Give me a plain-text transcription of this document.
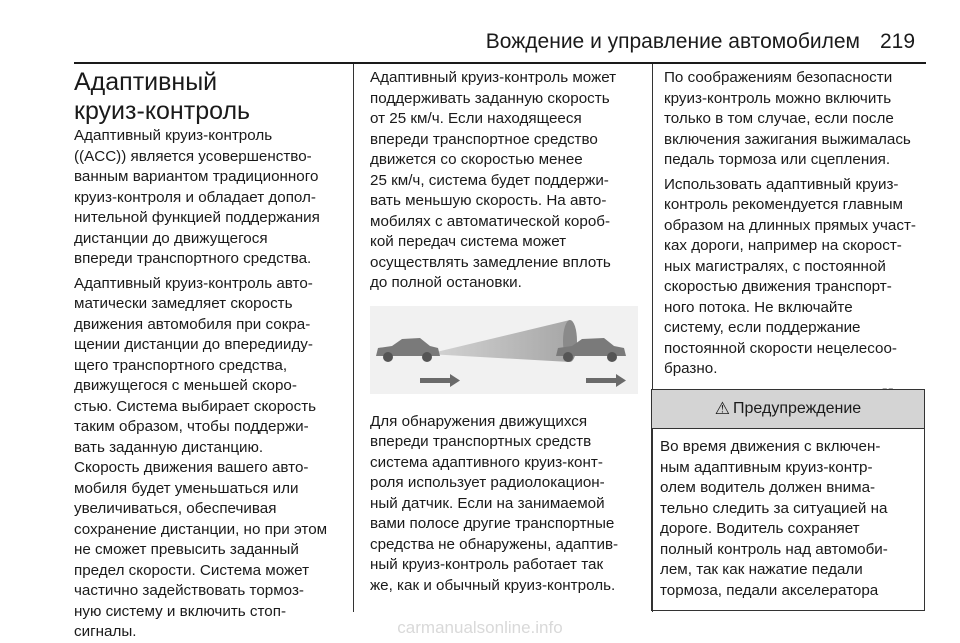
Вождение и управление автомобилем 219
Адаптивный
круиз-контроль

Адаптивный круиз-контроль
((ACC)) является усовершенство-
ванным вариантом традиционного
круиз-контроля и обладает допол-
нительной функцией поддержания
дистанции до движущегося
впереди транспортного средства.

Адаптивный круиз-контроль авто-
матически замедляет скорость
движения автомобиля при сокра-
щении дистанции до впередииду-
щего транспортного средства,
движущегося с меньшей скоро-
стью. Система выбирает скорость
таким образом, чтобы поддержи-
вать заданную дистанцию.
Скорость движения вашего авто-
мобиля будет уменьшаться или
увеличиваться, обеспечивая
сохранение дистанции, но при этом
не сможет превысить заданный
предел скорости. Система может
частично задействовать тормоз-
ную систему и включить стоп-
сигналы.

Адаптивный круиз-контроль может
поддерживать заданную скорость
от 25 км/ч. Если находящееся
впереди транспортное средство
движется со скоростью менее
25 км/ч, система будет поддержи-
вать меньшую скорость. На авто-
мобилях с автоматической короб-
кой передач система может
осуществлять замедление вплоть
до полной остановки.

Для обнаружения движущихся
впереди транспортных средств
система адаптивного круиз-конт-
роля использует радиолокацион-
ный датчик. Если на занимаемой
вами полосе другие транспортные
средства не обнаружены, адаптив-
ный круиз-контроль работает так
же, как и обычный круиз-контроль.

По соображениям безопасности
круиз-контроль можно включить
только в том случае, если после
включения зажигания выжималась
педаль тормоза или сцепления.

Использовать адаптивный круиз-
контроль рекомендуется главным
образом на длинных прямых участ-
ках дороги, например на скорост-
ных магистралях, с постоянной
скоростью движения транспорт-
ного потока. Не включайте
систему, если поддержание
постоянной скорости нецелесоо-
бразно.

⚠ Предупреждение
Во время движения с включен-
ным адаптивным круиз-контр-
олем водитель должен внима-
тельно следить за ситуацией на
дороге. Водитель сохраняет
полный контроль над автомоби-
лем, так как нажатие педали
тормоза, педали акселератора
carmanualsonline.info
